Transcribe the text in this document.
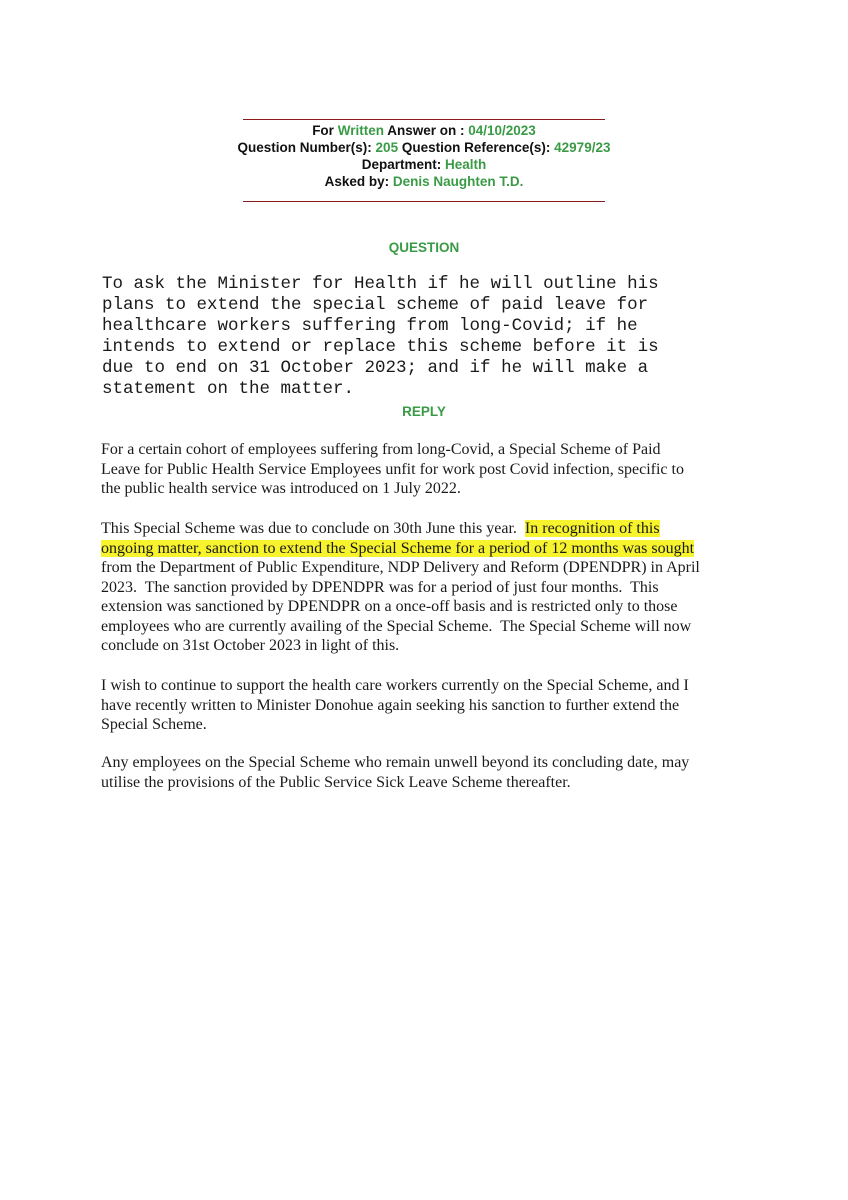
For Written Answer on : 04/10/2023
Question Number(s): 205 Question Reference(s): 42979/23
Department: Health
Asked by: Denis Naughten T.D.
QUESTION
To ask the Minister for Health if he will outline his
plans to extend the special scheme of paid leave for
healthcare workers suffering from long-Covid; if he
intends to extend or replace this scheme before it is
due to end on 31 October 2023; and if he will make a
statement on the matter.
REPLY
For a certain cohort of employees suffering from long-Covid, a Special Scheme of Paid
Leave for Public Health Service Employees unfit for work post Covid infection, specific to
the public health service was introduced on 1 July 2022.
This Special Scheme was due to conclude on 30th June this year.  In recognition of this
ongoing matter, sanction to extend the Special Scheme for a period of 12 months was sought
from the Department of Public Expenditure, NDP Delivery and Reform (DPENDPR) in April
2023.  The sanction provided by DPENDPR was for a period of just four months.  This
extension was sanctioned by DPENDPR on a once-off basis and is restricted only to those
employees who are currently availing of the Special Scheme.  The Special Scheme will now
conclude on 31st October 2023 in light of this.
I wish to continue to support the health care workers currently on the Special Scheme, and I
have recently written to Minister Donohue again seeking his sanction to further extend the
Special Scheme.
Any employees on the Special Scheme who remain unwell beyond its concluding date, may
utilise the provisions of the Public Service Sick Leave Scheme thereafter.
